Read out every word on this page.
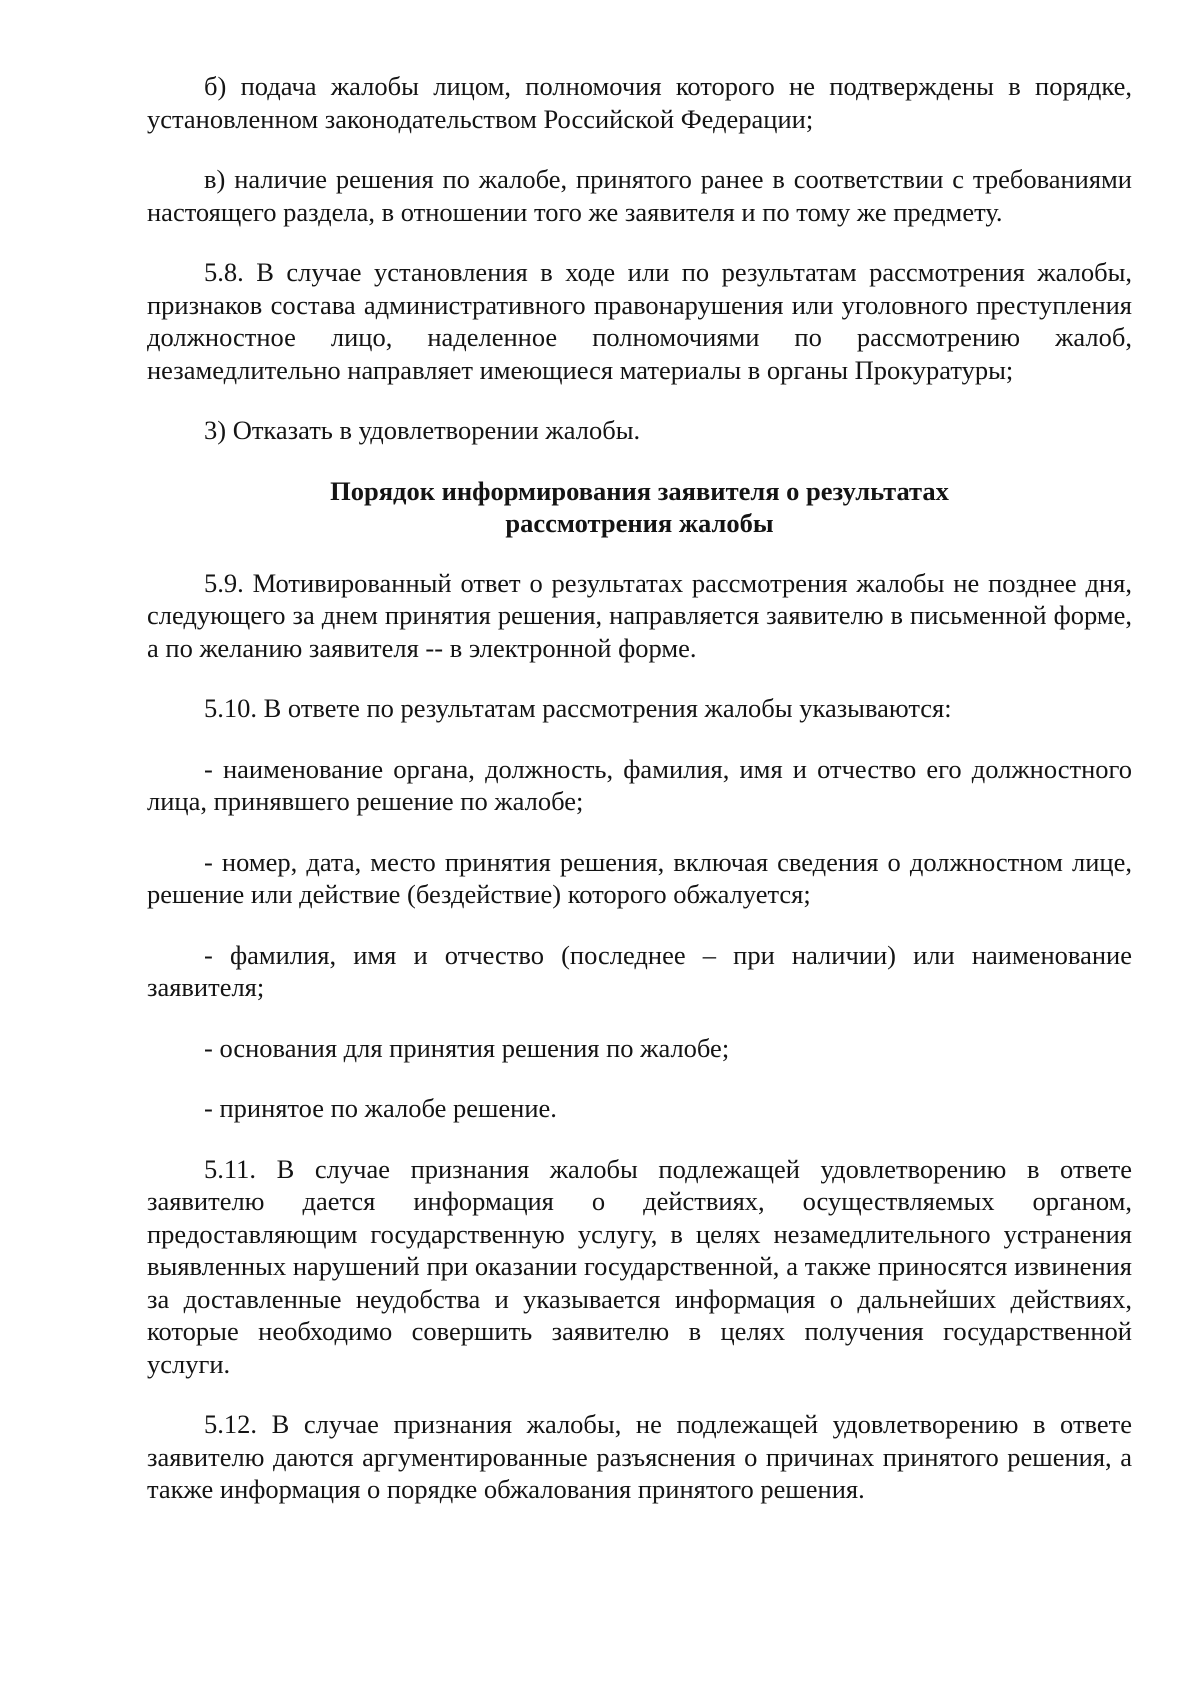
б) подача жалобы лицом, полномочия которого не подтверждены в порядке, установленном законодательством Российской Федерации;

в) наличие решения по жалобе, принятого ранее в соответствии с требованиями настоящего раздела, в отношении того же заявителя и по тому же предмету.

5.8. В случае установления в ходе или по результатам рассмотрения жалобы, признаков состава административного правонарушения или уголовного преступления должностное лицо, наделенное полномочиями по рассмотрению жалоб, незамедлительно направляет имеющиеся материалы в органы Прокуратуры;

3) Отказать в удовлетворении жалобы.

Порядок информирования заявителя о результатах
рассмотрения жалобы

5.9. Мотивированный ответ о результатах рассмотрения жалобы не позднее дня, следующего за днем принятия решения, направляется заявителю в письменной форме, а по желанию заявителя -- в электронной форме.

5.10. В ответе по результатам рассмотрения жалобы указываются:

- наименование органа, должность, фамилия, имя и отчество его должностного лица, принявшего решение по жалобе;

- номер, дата, место принятия решения, включая сведения о должностном лице, решение или действие (бездействие) которого обжалуется;

- фамилия, имя и отчество (последнее – при наличии) или наименование заявителя;

- основания для принятия решения по жалобе;

- принятое по жалобе решение.

5.11. В случае признания жалобы подлежащей удовлетворению в ответе заявителю дается информация о действиях, осуществляемых органом, предоставляющим государственную услугу, в целях незамедлительного устранения выявленных нарушений при оказании государственной, а также приносятся извинения за доставленные неудобства и указывается информация о дальнейших действиях, которые необходимо совершить заявителю в целях получения государственной услуги.

5.12. В случае признания жалобы, не подлежащей удовлетворению в ответе заявителю даются аргументированные разъяснения о причинах принятого решения, а также информация о порядке обжалования принятого решения.
